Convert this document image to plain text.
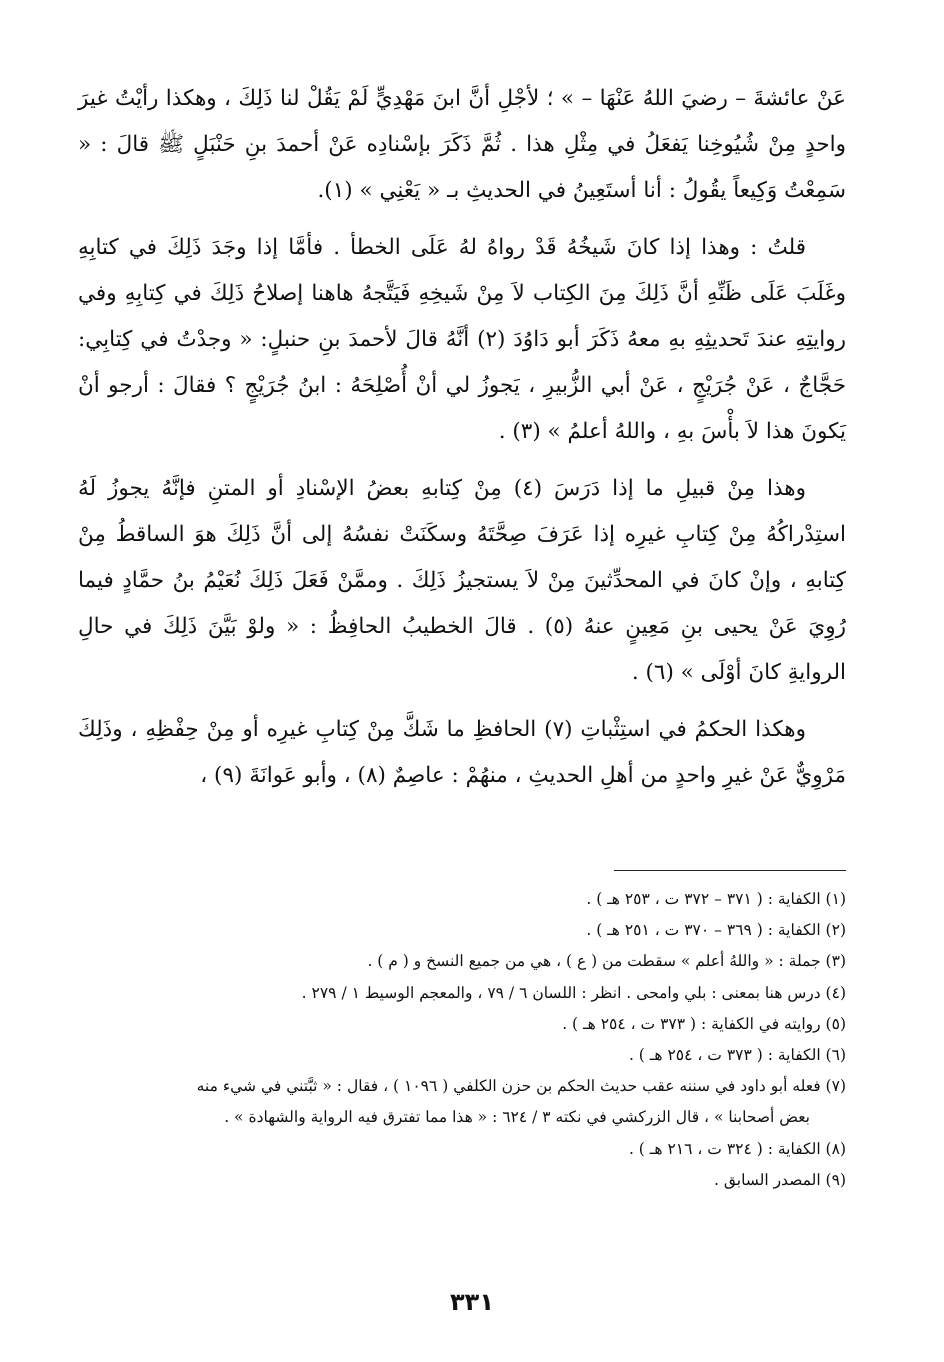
عَنْ عائشةَ – رضيَ اللهُ عَنْهَا – » ؛ لأجْلِ أنَّ ابنَ مَهْدِيٍّ لَمْ يَقُلْ لنا ذَلِكَ ، وهكذا رأيْتُ غيرَ واحدٍ مِنْ شُيُوخِنا يَفعَلُ في مِثْلِ هذا . ثُمَّ ذَكَرَ بإسْنادِه عَنْ أحمدَ بنِ حَنْبَلٍ ﷺ قالَ : « سَمِعْتُ وَكِيعاً يقُولُ : أنا أستَعِينُ في الحديثِ بـ « يَعْنِي » (١).

قلتُ : وهذا إذا كانَ شَيخُهُ قَدْ رواهُ لهُ عَلَى الخطأ . فأمَّا إذا وجَدَ ذَلِكَ في كتابِهِ وغَلَبَ عَلَى ظَنِّهِ أنَّ ذَلِكَ مِنَ الكِتاب لاَ مِنْ شَيخِهِ فَيَتَّجهُ هاهنا إصلاحُ ذَلِكَ في كِتابِهِ وفي روايتِهِ عندَ تَحديثِهِ بهِ معهُ ذَكَرَ أبو دَاوُدَ (٢) أنَّهُ قالَ لأحمدَ بنِ حنبلٍ: « وجدْتُ في كِتابِي: حَجَّاجٌ ، عَنْ جُرَيْجٍ ، عَنْ أبي الزُّبيرِ ، يَجوزُ لي أنْ أُصْلِحَهُ : ابنُ جُرَيْجٍ ؟ فقالَ : أرجو أنْ يَكونَ هذا لاَ بأْسَ بهِ ، واللهُ أعلمُ » (٣) .

وهذا مِنْ قبيلِ ما إذا دَرَسَ (٤) مِنْ كِتابهِ بعضُ الإسْنادِ أو المتنِ فإنَّهُ يجوزُ لَهُ استِدْراكُهُ مِنْ كِتابِ غيرِه إذا عَرَفَ صِحَّتَهُ وسكَنَتْ نفسُهُ إلى أنَّ ذَلِكَ هوَ الساقطُ مِنْ كِتابهِ ، وإنْ كانَ في المحدِّثينَ مِنْ لاَ يستجيزُ ذَلِكَ . وممَّنْ فَعَلَ ذَلِكَ نُعَيْمُ بنُ حمَّادٍ فيما رُوِيَ عَنْ يحيى بنِ مَعِينٍ عنهُ (٥) . قالَ الخطيبُ الحافِظُ : « ولوْ بَيَّنَ ذَلِكَ في حالِ الروايةِ كانَ أوْلَى » (٦) .

وهكذا الحكمُ في استِثْباتِ (٧) الحافظِ ما شَكَّ مِنْ كِتابِ غيرِه أو مِنْ حِفْظِهِ ، وذَلِكَ مَرْوِيٌّ عَنْ غيرِ واحدٍ من أهلِ الحديثِ ، منهُمْ : عاصِمٌ (٨) ، وأبو عَوانَةَ (٩) ،

(١) الكفاية : ( ٣٧١ – ٣٧٢ ت ، ٢٥٣ هـ ) .

(٢) الكفاية : ( ٣٦٩ – ٣٧٠ ت ، ٢٥١ هـ ) .

(٣) جملة : « واللهُ أعلم » سقطت من ( ع ) ، هي من جميع النسخ و ( م ) .

(٤) درس هنا بمعنى : بلي وامحى . انظر : اللسان ٦ / ٧٩ ، والمعجم الوسيط ١ / ٢٧٩ .

(٥) روايته في الكفاية : ( ٣٧٣ ت ، ٢٥٤ هـ ) .

(٦) الكفاية : ( ٣٧٣ ت ، ٢٥٤ هـ ) .

(٧) فعله أبو داود في سننه عقب حديث الحكم بن حزن الكلفي ( ١٠٩٦ ) ، فقال : « ثبَّتني في شيء منه

بعض أصحابنا » ، قال الزركشي في نكته ٣ / ٦٢٤ : « هذا مما تفترق فيه الرواية والشهادة » .

(٨) الكفاية : ( ٣٢٤ ت ، ٢١٦ هـ ) .

(٩) المصدر السابق .

٣٣١
